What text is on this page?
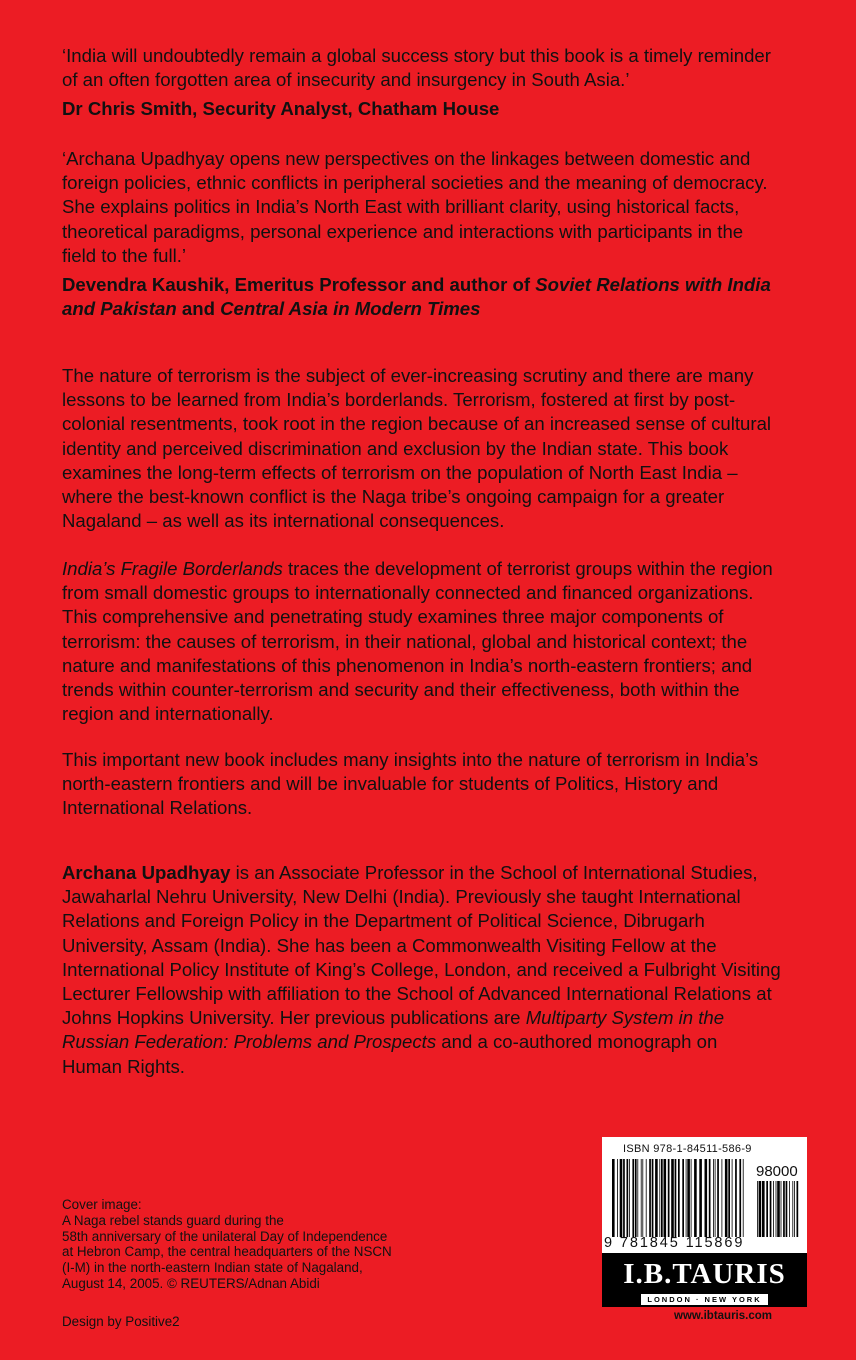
‘India will undoubtedly remain a global success story but this book is a timely reminder of an often forgotten area of insecurity and insurgency in South Asia.’

Dr Chris Smith, Security Analyst, Chatham House

‘Archana Upadhyay opens new perspectives on the linkages between domestic and foreign policies, ethnic conflicts in peripheral societies and the meaning of democracy. She explains politics in India’s North East with brilliant clarity, using historical facts, theoretical paradigms, personal experience and interactions with participants in the field to the full.’

Devendra Kaushik, Emeritus Professor and author of Soviet Relations with India and Pakistan and Central Asia in Modern Times

The nature of terrorism is the subject of ever-increasing scrutiny and there are many lessons to be learned from India’s borderlands. Terrorism, fostered at first by post-colonial resentments, took root in the region because of an increased sense of cultural identity and perceived discrimination and exclusion by the Indian state. This book examines the long-term effects of terrorism on the population of North East India – where the best-known conflict is the Naga tribe’s ongoing campaign for a greater Nagaland – as well as its international consequences.

India’s Fragile Borderlands traces the development of terrorist groups within the region from small domestic groups to internationally connected and financed organizations. This comprehensive and penetrating study examines three major components of terrorism: the causes of terrorism, in their national, global and historical context; the nature and manifestations of this phenomenon in India’s north-eastern frontiers; and trends within counter-terrorism and security and their effectiveness, both within the region and internationally.

This important new book includes many insights into the nature of terrorism in India’s north-eastern frontiers and will be invaluable for students of Politics, History and International Relations.

Archana Upadhyay is an Associate Professor in the School of International Studies, Jawaharlal Nehru University, New Delhi (India). Previously she taught International Relations and Foreign Policy in the Department of Political Science, Dibrugarh University, Assam (India). She has been a Commonwealth Visiting Fellow at the International Policy Institute of King’s College, London, and received a Fulbright Visiting Lecturer Fellowship with affiliation to the School of Advanced International Relations at Johns Hopkins University. Her previous publications are Multiparty System in the Russian Federation: Problems and Prospects and a co-authored monograph on Human Rights.

Cover image:
A Naga rebel stands guard during the
58th anniversary of the unilateral Day of Independence
at Hebron Camp, the central headquarters of the NSCN
(I-M) in the north-eastern Indian state of Nagaland,
August 14, 2005. © REUTERS/Adnan Abidi
Design by Positive2
ISBN 978-1-84511-586-9
98000
9 781845 115869
I.B.TAURIS
LONDON · NEW YORK
www.ibtauris.com
